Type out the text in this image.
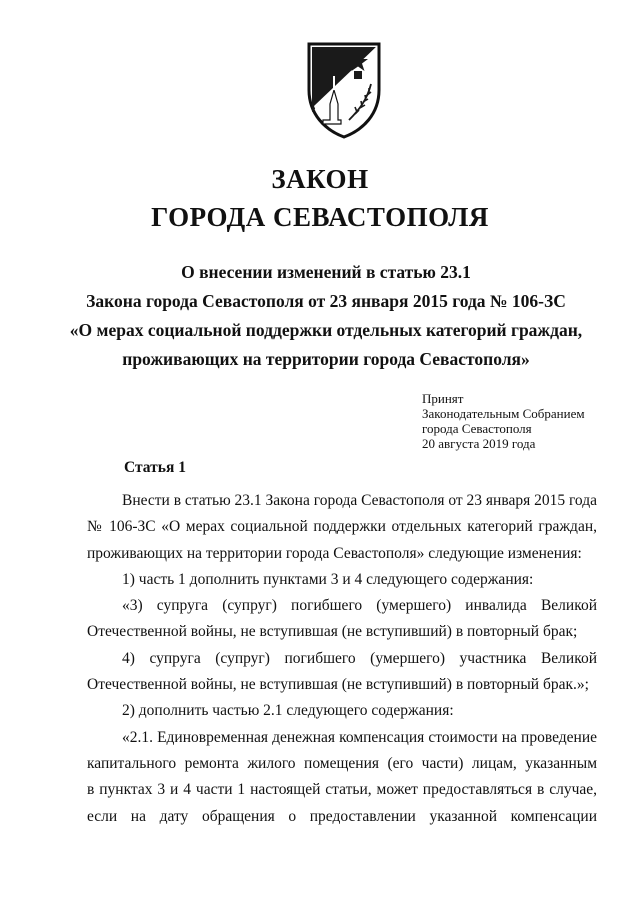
ЗАКОН
ГОРОДА СЕВАСТОПОЛЯ
О внесении изменений в статью 23.1
Закона города Севастополя от 23 января 2015 года № 106-ЗС
«О мерах социальной поддержки отдельных категорий граждан,
проживающих на территории города Севастополя»
Принят
Законодательным Собранием
города Севастополя
20 августа 2019 года
Статья 1
Внести в статью 23.1 Закона города Севастополя от 23 января 2015 года
№ 106-ЗС «О мерах социальной поддержки отдельных категорий граждан,
проживающих на территории города Севастополя» следующие изменения:
1) часть 1 дополнить пунктами 3 и 4 следующего содержания:
«3) супруга (супруг) погибшего (умершего) инвалида Великой
Отечественной войны, не вступившая (не вступивший) в повторный брак;
4) супруга (супруг) погибшего (умершего) участника Великой
Отечественной войны, не вступившая (не вступивший) в повторный брак.»;
2) дополнить частью 2.1 следующего содержания:
«2.1. Единовременная денежная компенсация стоимости на проведение
капитального ремонта жилого помещения (его части) лицам, указанным
в пунктах 3 и 4 части 1 настоящей статьи, может предоставляться в случае,
если на дату обращения о предоставлении указанной компенсации
